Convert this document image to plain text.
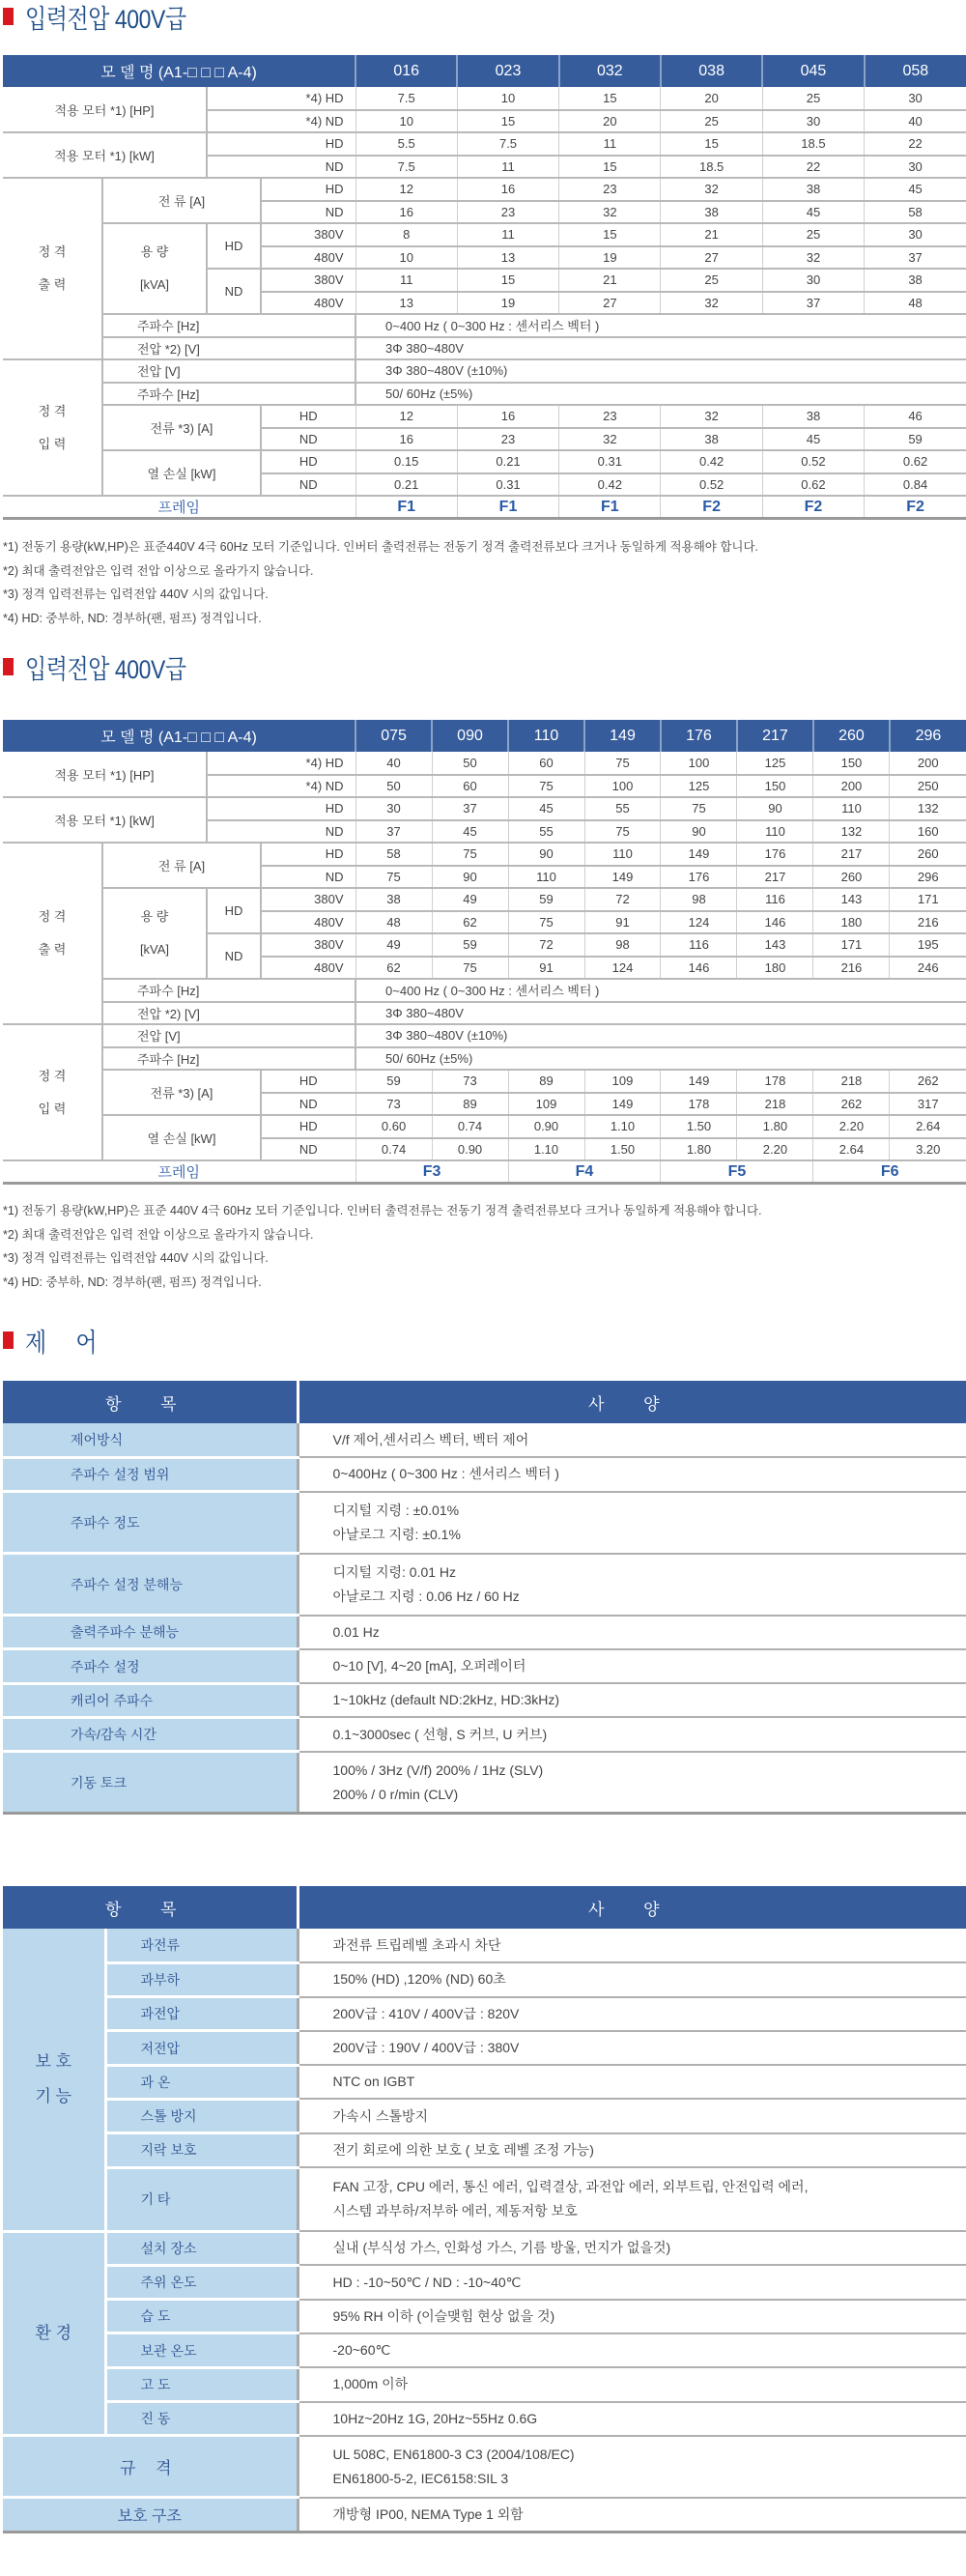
입력전압 400V급
모 델 명 (A1-□ □ □ A-4)				016	023	032	038	045	058
적용 모터 *1) [HP]		*4) HD		7.5	10	15	20	25	30
		*4) ND		10	15	20	25	30	40
적용 모터 *1) [kW]		HD		5.5	7.5	11	15	18.5	22
		ND		7.5	11	15	18.5	22	30

정 격
출 력	전 류 [A]		HD	12	16	23	32	38	45
			ND	16	23	32	38	45	58

	용 량
[kVA]	HD	380V	8	11	15	21	25	30
			480V	10	13	19	27	32	37
		ND	380V	11	15	21	25	30	38
			480V	13	19	27	32	37	48
	주파수 [Hz]			0~400 Hz ( 0~300 Hz : 센서리스 벡터 )					
	전압 *2) [V]			3Φ 380~480V					

정 격
입 력	전압 [V]			3Φ 380~480V (±10%)					
	주파수 [Hz]			50/ 60Hz (±5%)					
	전류 *3) [A]		HD	12	16	23	32	38	46
			ND	16	23	32	38	45	59
	열 손실 [kW]		HD	0.15	0.21	0.31	0.42	0.52	0.62
			ND	0.21	0.31	0.42	0.52	0.62	0.84
프레임				F1	F1	F1	F2	F2	F2
*1) 전동기 용량(kW,HP)은 표준440V 4극 60Hz 모터 기준입니다. 인버터 출력전류는 전동기 정격 출력전류보다 크거나 동일하게 적용해야 합니다.
*2) 최대 출력전압은 입력 전압 이상으로 올라가지 않습니다.
*3) 정격 입력전류는 입력전압 440V 시의 값입니다.
*4) HD: 중부하, ND: 경부하(팬, 펌프) 정격입니다.
입력전압 400V급
모 델 명 (A1-□ □ □ A-4)				075	090	110	149	176	217	260	296
적용 모터 *1) [HP]		*4) HD		40	50	60	75	100	125	150	200
		*4) ND		50	60	75	100	125	150	200	250
적용 모터 *1) [kW]		HD		30	37	45	55	75	90	110	132
		ND		37	45	55	75	90	110	132	160

정 격
출 력	전 류 [A]		HD	58	75	90	110	149	176	217	260
			ND	75	90	110	149	176	217	260	296

	용 량
[kVA]	HD	380V	38	49	59	72	98	116	143	171
			480V	48	62	75	91	124	146	180	216
		ND	380V	49	59	72	98	116	143	171	195
			480V	62	75	91	124	146	180	216	246
	주파수 [Hz]			0~400 Hz ( 0~300 Hz : 센서리스 벡터 )							
	전압 *2) [V]			3Φ 380~480V							

정 격
입 력	전압 [V]			3Φ 380~480V (±10%)							
	주파수 [Hz]			50/ 60Hz (±5%)							
	전류 *3) [A]		HD	59	73	89	109	149	178	218	262
			ND	73	89	109	149	178	218	262	317
	열 손실 [kW]		HD	0.60	0.74	0.90	1.10	1.50	1.80	2.20	2.64
			ND	0.74	0.90	1.10	1.50	1.80	2.20	2.64	3.20
프레임				F3		F4		F5		F6	
*1) 전동기 용량(kW,HP)은 표준 440V 4극 60Hz 모터 기준입니다. 인버터 출력전류는 전동기 정격 출력전류보다 크거나 동일하게 적용해야 합니다.
*2) 최대 출력전압은 입력 전압 이상으로 올라가지 않습니다.
*3) 정격 입력전류는 입력전압 440V 시의 값입니다.
*4) HD: 중부하, ND: 경부하(팬, 펌프) 정격입니다.
제 어
항 목	사 양
제어방식	V/f 제어,센서리스 벡터, 벡터 제어

주파수 설정 범위	0~400Hz ( 0~300 Hz : 센서리스 벡터 )

주파수 정도	디지털 지령 : ±0.01%
아날로그 지령: ±0.1%

주파수 설정 분해능	디지털 지령: 0.01 Hz
아날로그 지령 : 0.06 Hz / 60 Hz

출력주파수 분해능	0.01 Hz

주파수 설정	0~10 [V], 4~20 [mA], 오퍼레이터

캐리어 주파수	1~10kHz (default ND:2kHz, HD:3kHz)

가속/감속 시간	0.1~3000sec ( 선형, S 커브, U 커브)

기동 토크	100% / 3Hz (V/f) 200% / 1Hz (SLV)
200% / 0 r/min (CLV)
항 목		사 양

보 호
기 능	과전류	과전류 트립레벨 초과시 차단

	과부하	150% (HD) ,120% (ND) 60초

	과전압	200V급 : 410V / 400V급 : 820V

	저전압	200V급 : 190V / 400V급 : 380V

	과 온	NTC on IGBT

	스톨 방지	가속시 스톨방지

	지락 보호	전기 회로에 의한 보호 ( 보호 레벨 조정 가능)

	기 타	FAN 고장, CPU 에러, 통신 에러, 입력결상, 과전압 에러, 외부트립, 안전입력 에러,
시스템 과부하/저부하 에러, 제동저항 보호

환 경	설치 장소	실내 (부식성 가스, 인화성 가스, 기름 방울, 먼지가 없을것)

	주위 온도	HD : -10~50℃ / ND : -10~40℃

	습 도	95% RH 이하 (이슬맺힘 현상 없을 것)

	보관 온도	-20~60℃

	고 도	1,000m 이하

	진 동	10Hz~20Hz 1G, 20Hz~55Hz 0.6G

규 격		UL 508C, EN61800-3 C3 (2004/108/EC)
EN61800-5-2, IEC6158:SIL 3

보호 구조		개방형 IP00, NEMA Type 1 외함
